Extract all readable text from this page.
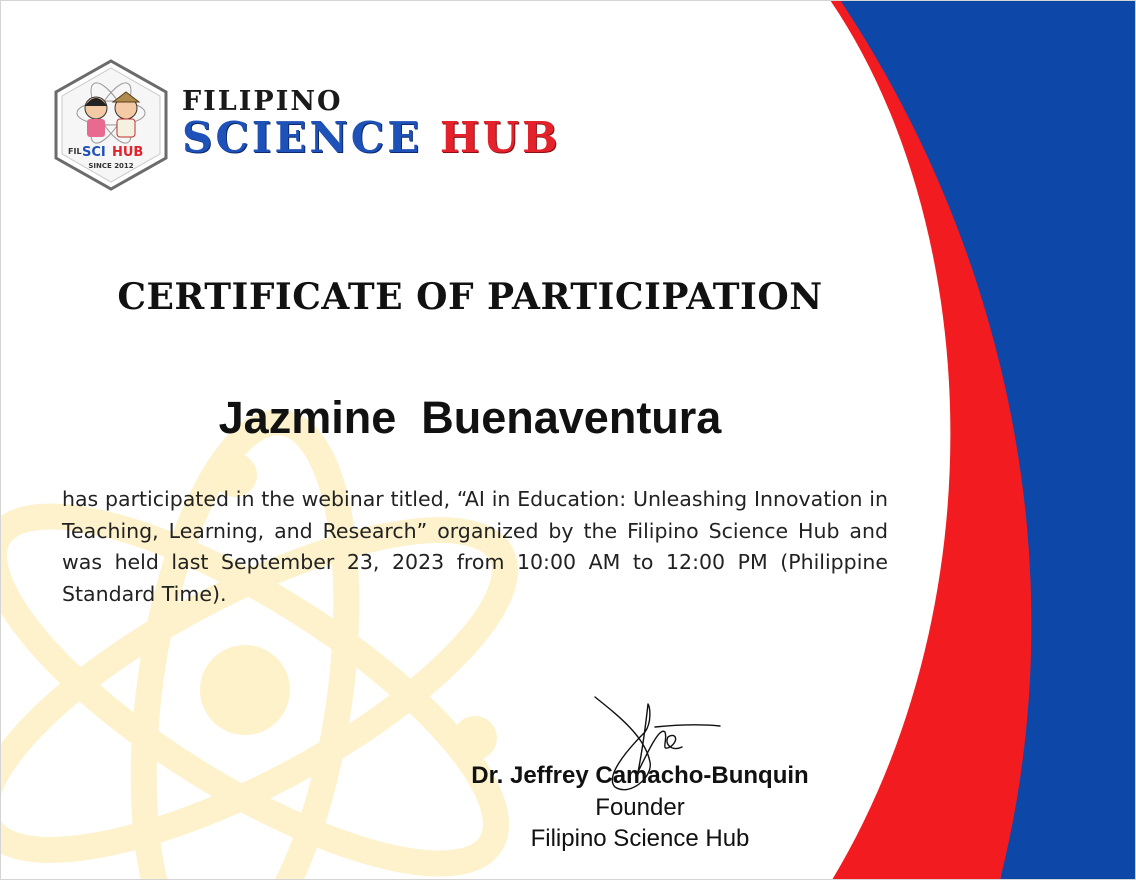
FIL SCI HUB
SINCE 2012
FILIPINO
SCIENCE HUB
CERTIFICATE OF PARTICIPATION
Jazmine  Buenaventura
has participated in the webinar titled, “AI in Education: Unleashing Innovation in Teaching, Learning, and Research” organized by the Filipino Science Hub and was held last September 23, 2023 from 10:00 AM to 12:00 PM (Philippine Standard Time).
Dr. Jeffrey Camacho-Bunquin
Founder
Filipino Science Hub
